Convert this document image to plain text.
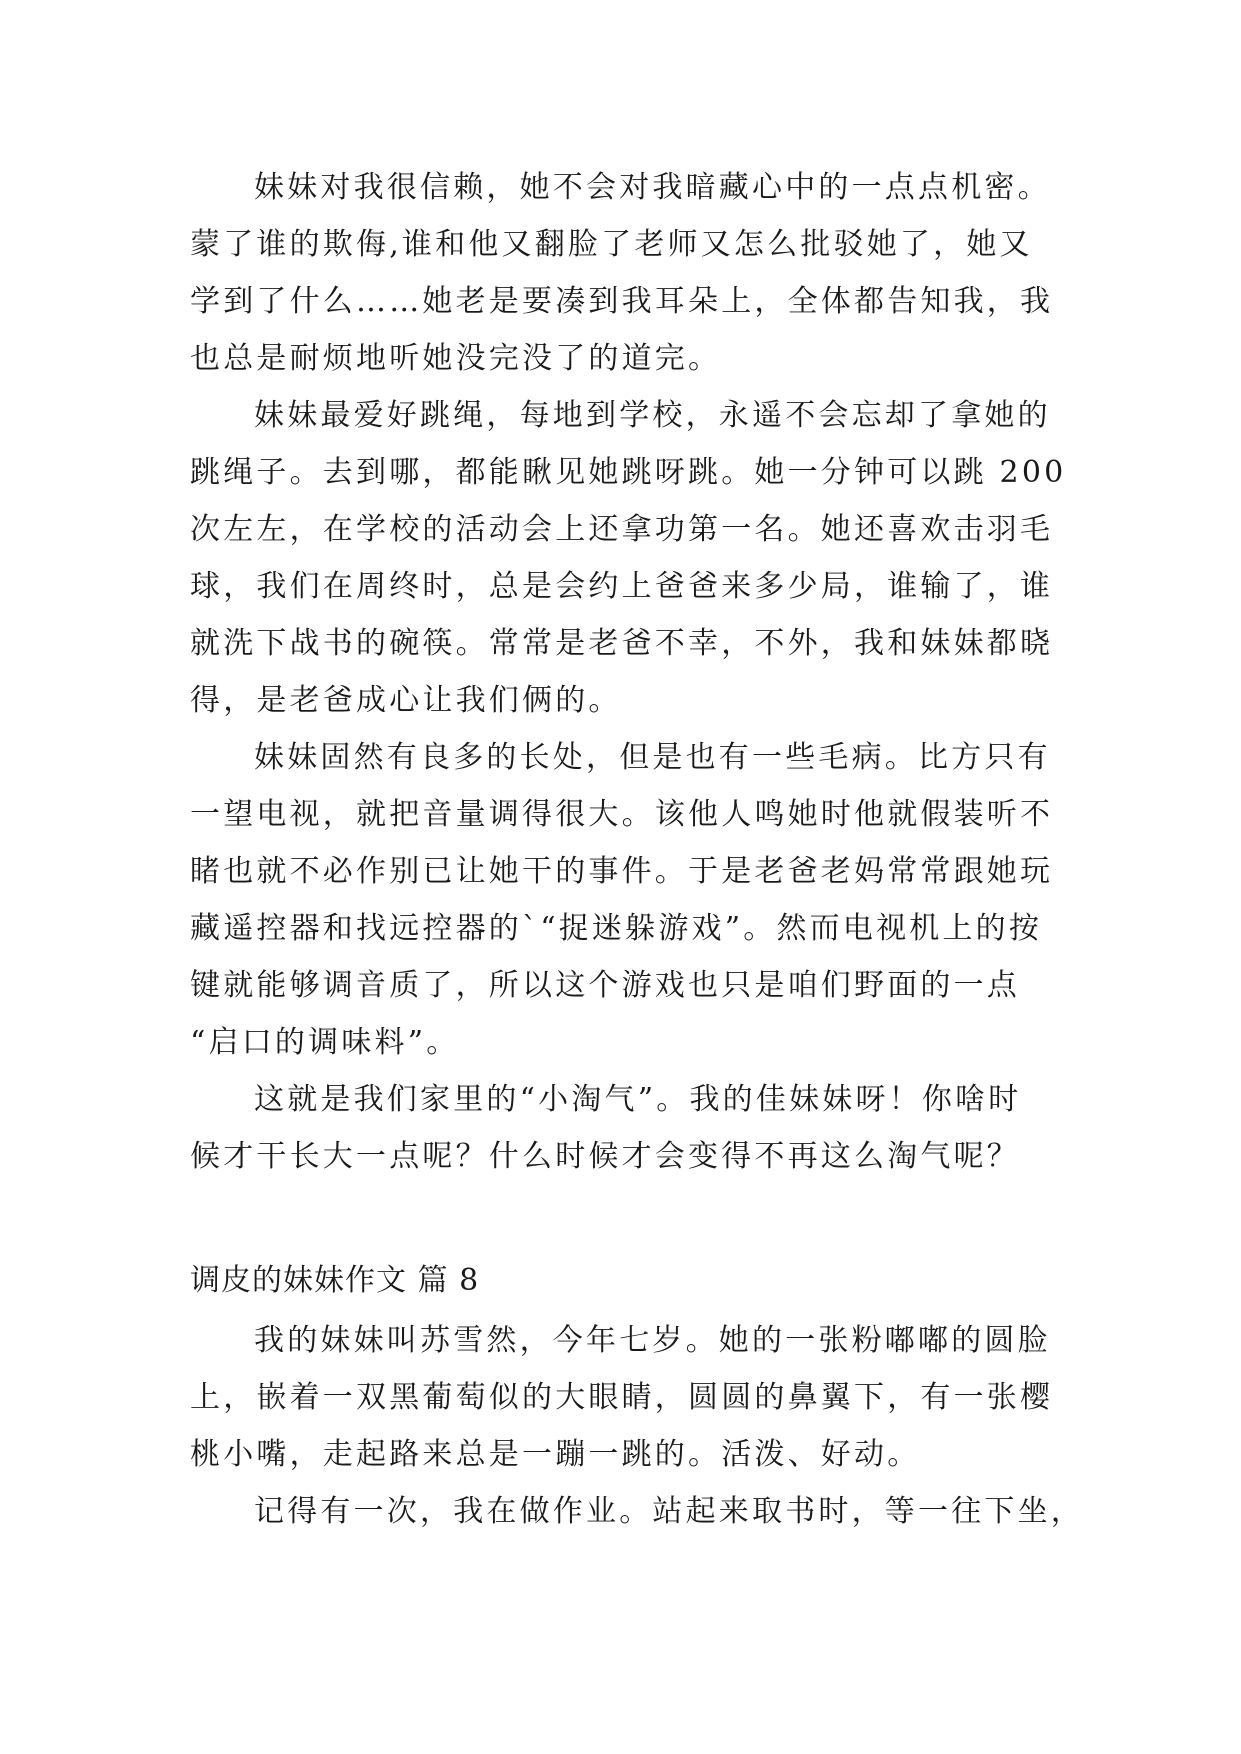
妹妹对我很信赖，她不会对我暗藏心中的一点点机密。
蒙了谁的欺侮,谁和他又翻脸了老师又怎么批驳她了，她又
学到了什么……她老是要凑到我耳朵上，全体都告知我，我
也总是耐烦地听她没完没了的道完。
妹妹最爱好跳绳，每地到学校，永遥不会忘却了拿她的
跳绳子。去到哪，都能瞅见她跳呀跳。她一分钟可以跳 200
次左左，在学校的活动会上还拿功第一名。她还喜欢击羽毛
球，我们在周终时，总是会约上爸爸来多少局，谁输了，谁
就洗下战书的碗筷。常常是老爸不幸，不外，我和妹妹都晓
得，是老爸成心让我们俩的。
妹妹固然有良多的长处，但是也有一些毛病。比方只有
一望电视，就把音量调得很大。该他人鸣她时他就假装听不
睹也就不必作别已让她干的事件。于是老爸老妈常常跟她玩
藏遥控器和找远控器的`“捉迷躲游戏”。然而电视机上的按
键就能够调音质了，所以这个游戏也只是咱们野面的一点
“启口的调味料”。
这就是我们家里的“小淘气”。我的佳妹妹呀！你啥时
候才干长大一点呢？什么时候才会变得不再这么淘气呢？
调皮的妹妹作文 篇 8
我的妹妹叫苏雪然，今年七岁。她的一张粉嘟嘟的圆脸
上，嵌着一双黑葡萄似的大眼睛，圆圆的鼻翼下，有一张樱
桃小嘴，走起路来总是一蹦一跳的。活泼、好动。
记得有一次，我在做作业。站起来取书时，等一往下坐，
